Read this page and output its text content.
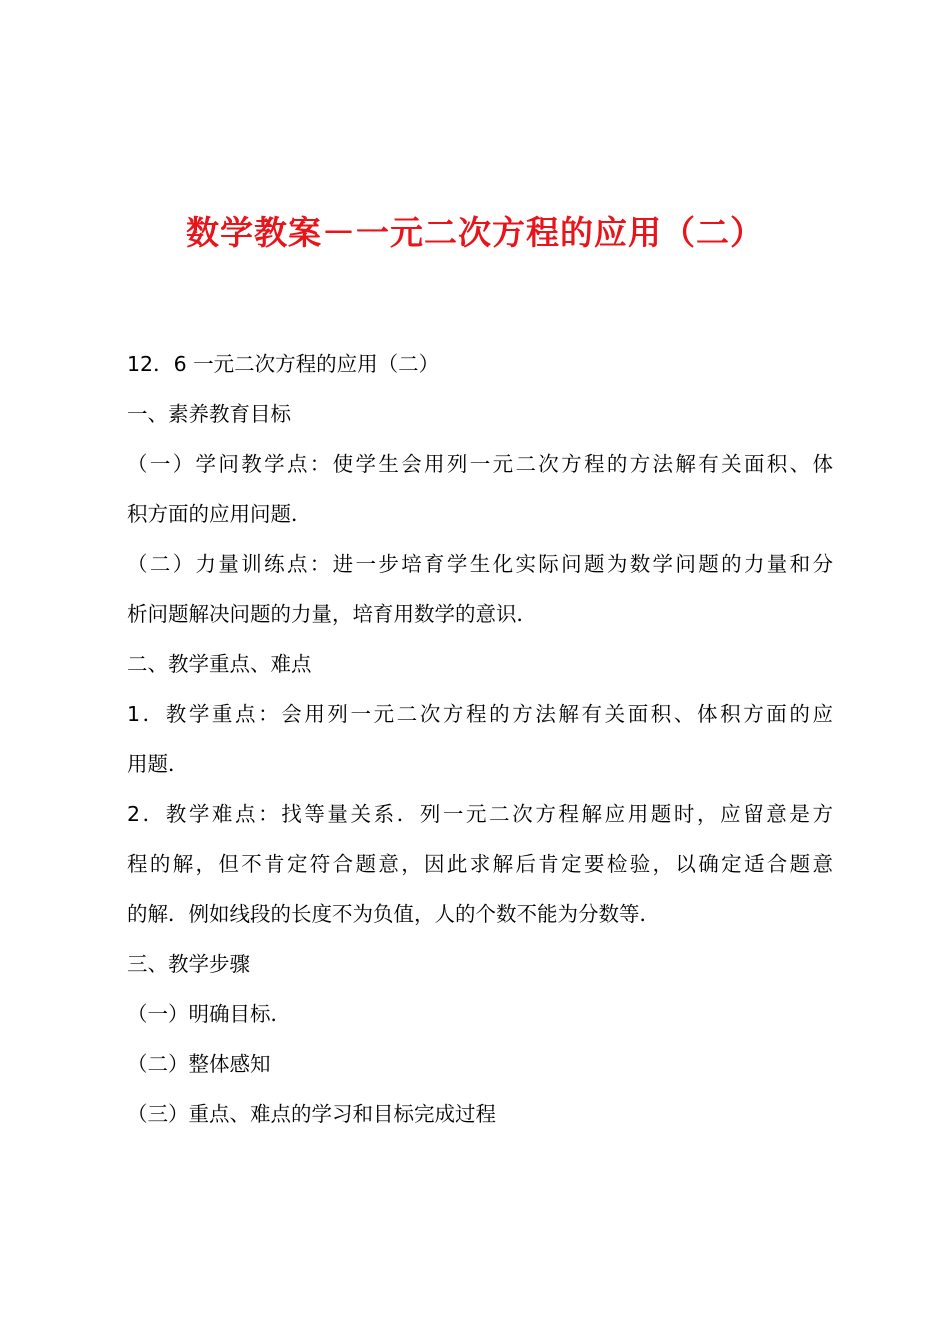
数学教案－一元二次方程的应用（二）
12．6 一元二次方程的应用（二）
一、素养教育目标
（一）学问教学点：使学生会用列一元二次方程的方法解有关面积、体
积方面的应用问题．
（二）力量训练点：进一步培育学生化实际问题为数学问题的力量和分
析问题解决问题的力量，培育用数学的意识．
二、教学重点、难点
1．教学重点：会用列一元二次方程的方法解有关面积、体积方面的应
用题．
2．教学难点：找等量关系．列一元二次方程解应用题时，应留意是方
程的解，但不肯定符合题意，因此求解后肯定要检验，以确定适合题意
的解．例如线段的长度不为负值，人的个数不能为分数等．
三、教学步骤
（一）明确目标．
（二）整体感知
（三）重点、难点的学习和目标完成过程
